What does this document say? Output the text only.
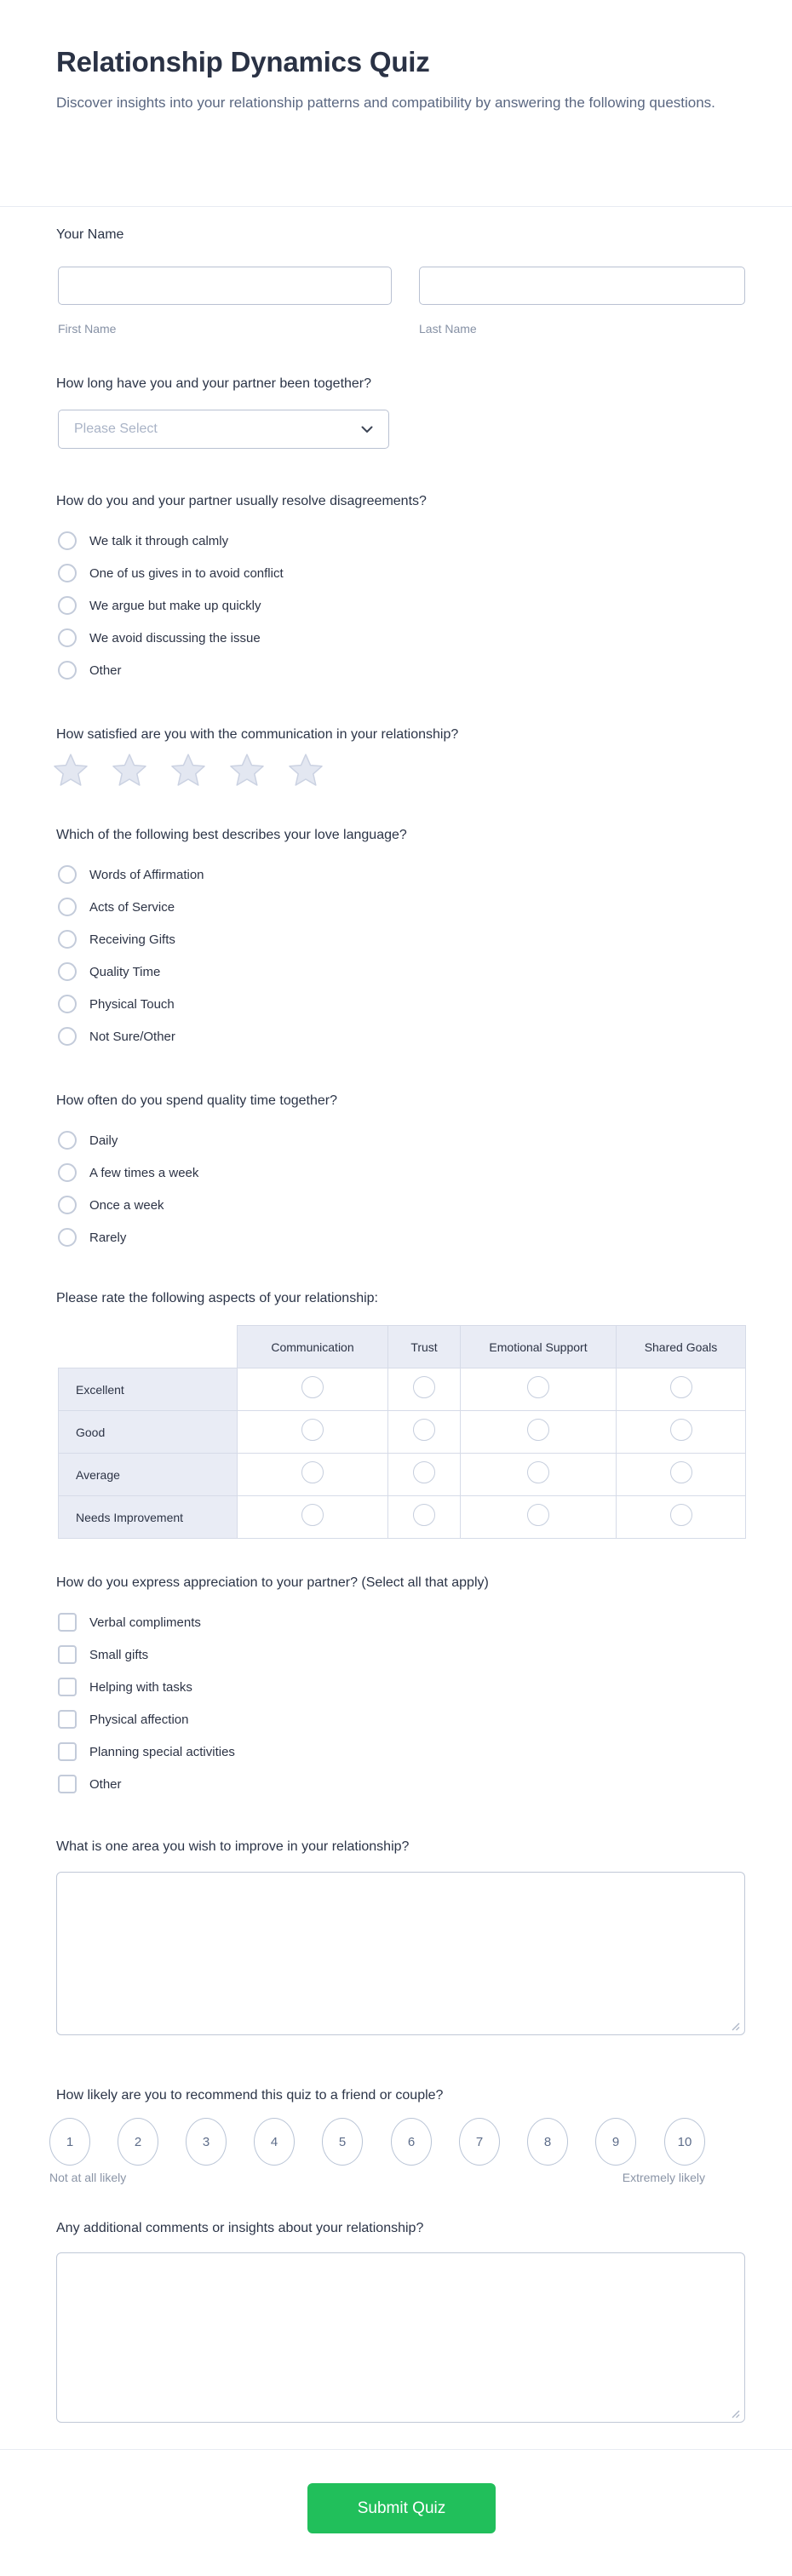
Relationship Dynamics Quiz

Discover insights into your relationship patterns and compatibility by answering the following questions.

Your Name
First Name	Last Name
How long have you and your partner been together?
Please Select
How do you and your partner usually resolve disagreements?
We talk it through calmly
One of us gives in to avoid conflict
We argue but make up quickly
We avoid discussing the issue
Other
How satisfied are you with the communication in your relationship?
Which of the following best describes your love language?
Words of Affirmation
Acts of Service
Receiving Gifts
Quality Time
Physical Touch
Not Sure/Other
How often do you spend quality time together?
Daily
A few times a week
Once a week
Rarely
Please rate the following aspects of your relationship:
	Communication	Trust	Emotional Support	Shared Goals
Excellent				
Good				
Average				
Needs Improvement				
How do you express appreciation to your partner? (Select all that apply)
Verbal compliments
Small gifts
Helping with tasks
Physical affection
Planning special activities
Other
What is one area you wish to improve in your relationship?
How likely are you to recommend this quiz to a friend or couple?
1	2	3	4	5	6	7	8	9	10
Not at all likely	Extremely likely
Any additional comments or insights about your relationship?
Submit Quiz
